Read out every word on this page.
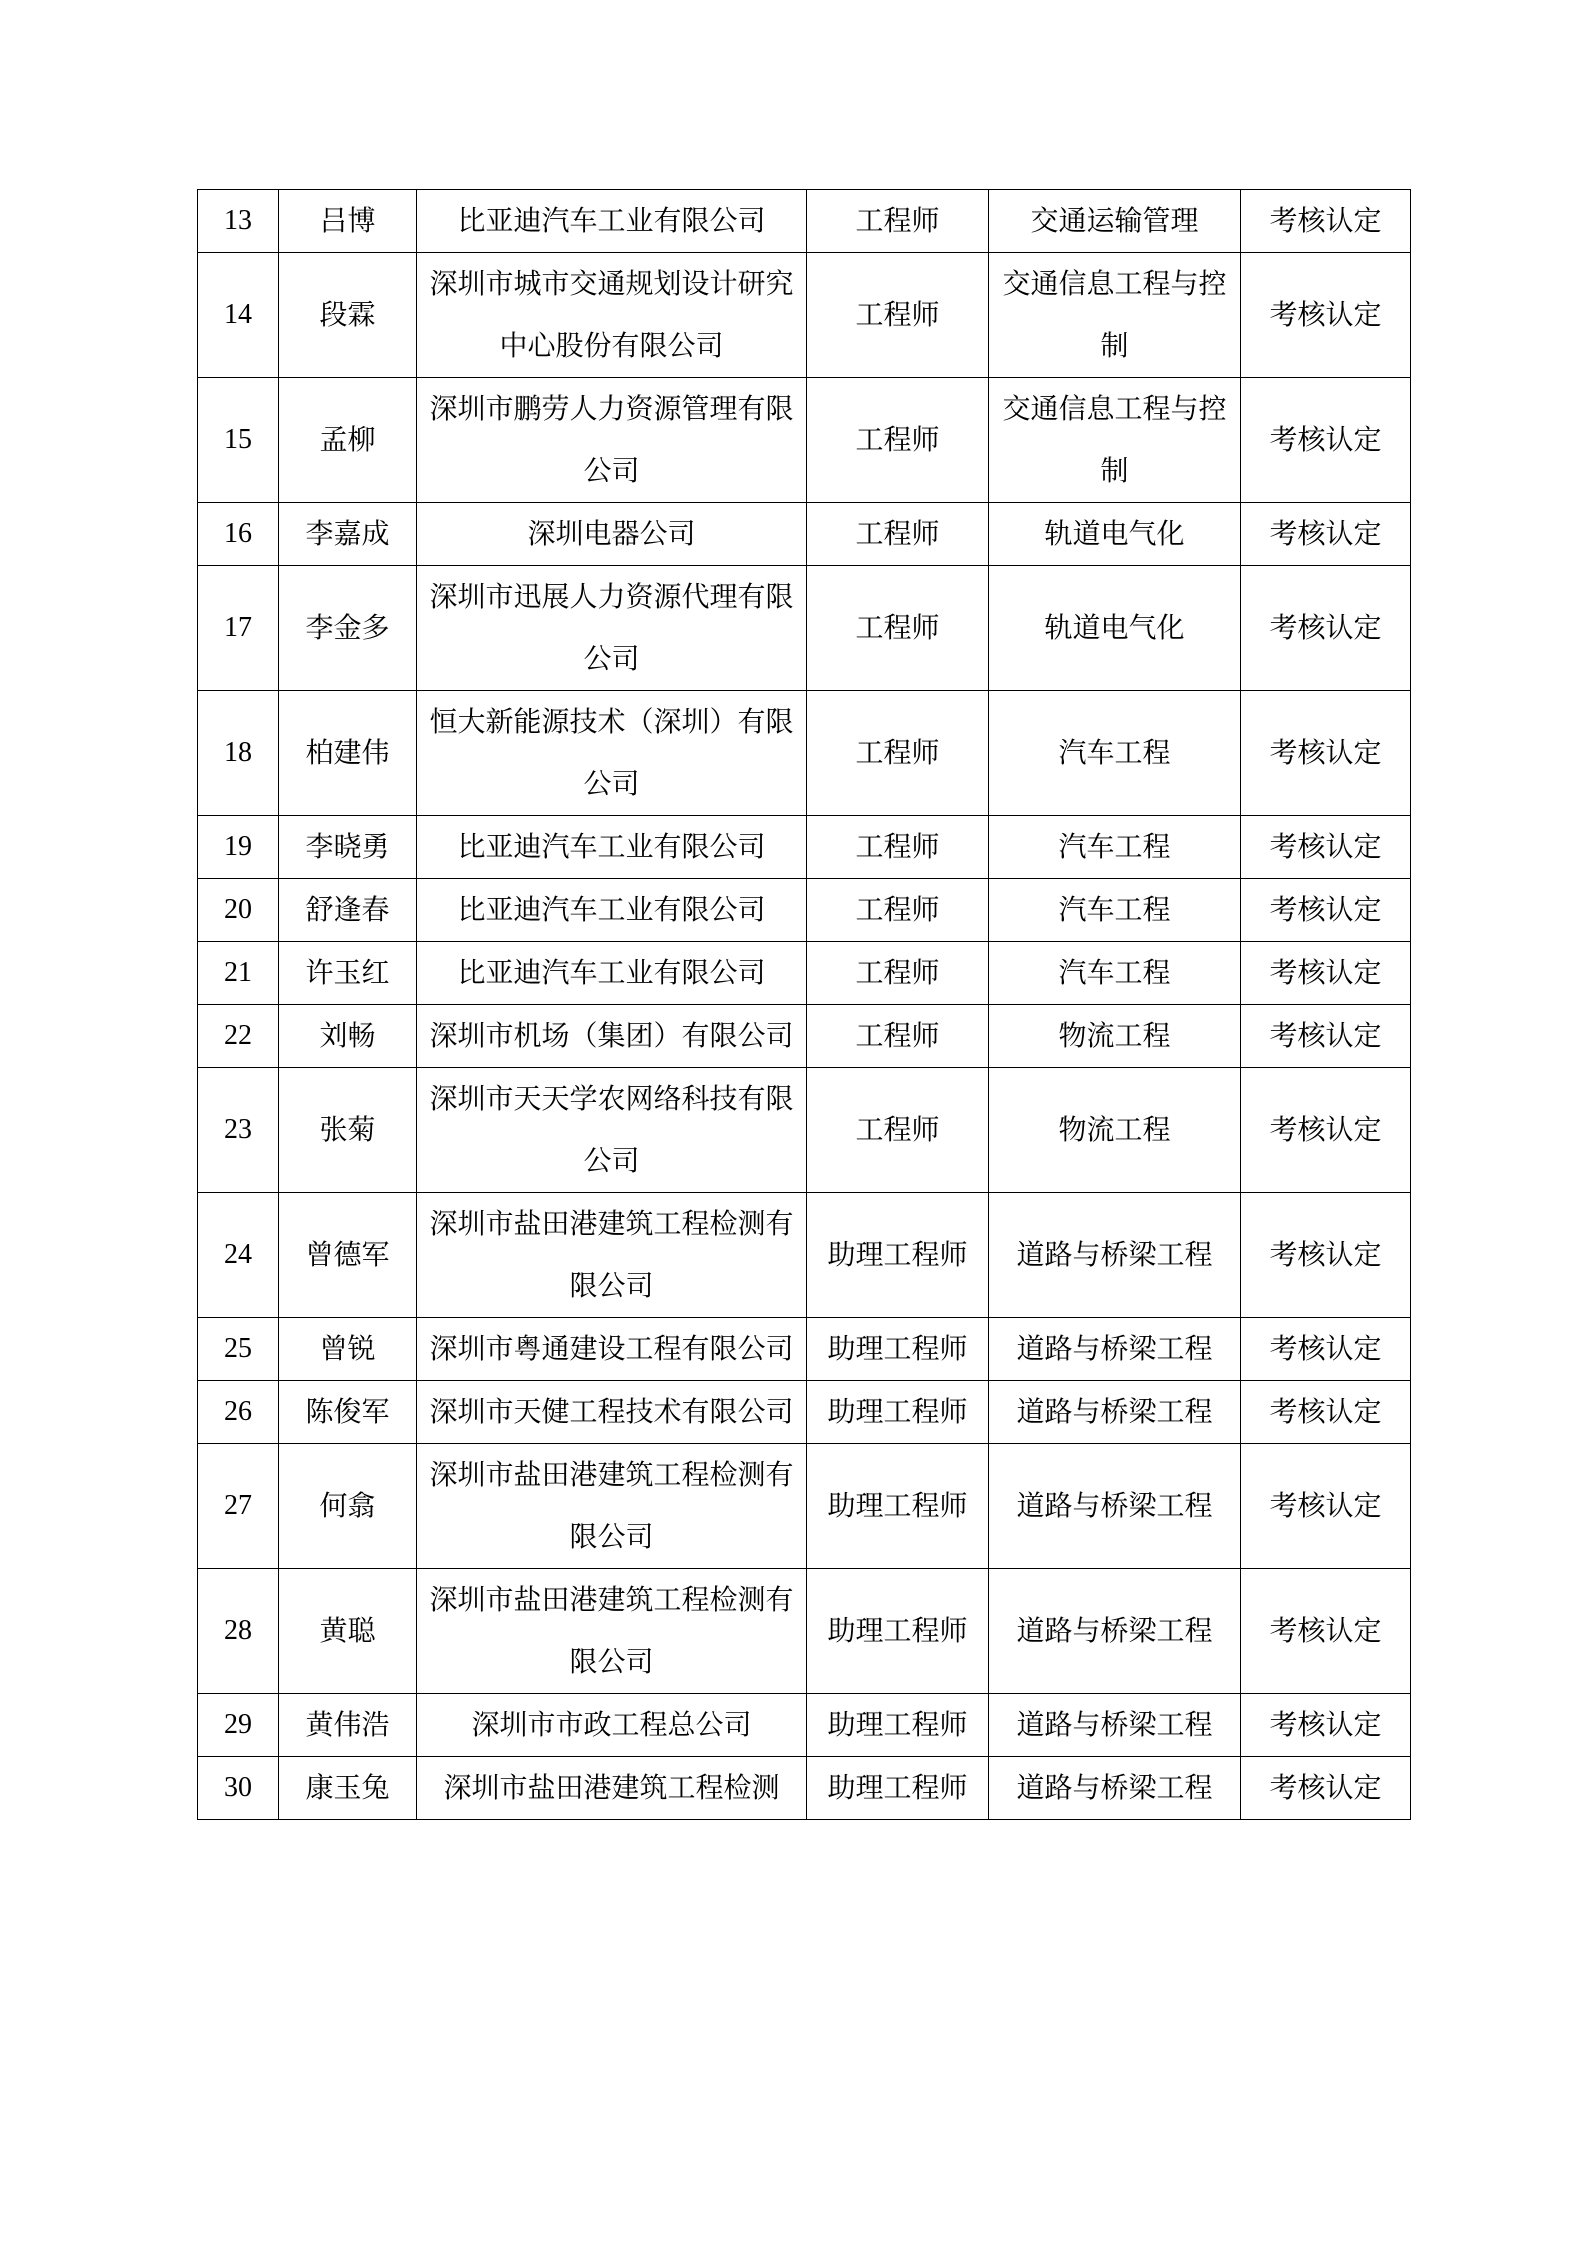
13	吕博	比亚迪汽车工业有限公司	工程师	交通运输管理	考核认定
14	段霖	深圳市城市交通规划设计研究中心股份有限公司	工程师	交通信息工程与控制	考核认定
15	孟柳	深圳市鹏劳人力资源管理有限公司	工程师	交通信息工程与控制	考核认定
16	李嘉成	深圳电器公司	工程师	轨道电气化	考核认定
17	李金多	深圳市迅展人力资源代理有限公司	工程师	轨道电气化	考核认定
18	柏建伟	恒大新能源技术（深圳）有限公司	工程师	汽车工程	考核认定
19	李晓勇	比亚迪汽车工业有限公司	工程师	汽车工程	考核认定
20	舒逢春	比亚迪汽车工业有限公司	工程师	汽车工程	考核认定
21	许玉红	比亚迪汽车工业有限公司	工程师	汽车工程	考核认定
22	刘畅	深圳市机场（集团）有限公司	工程师	物流工程	考核认定
23	张菊	深圳市天天学农网络科技有限公司	工程师	物流工程	考核认定
24	曾德军	深圳市盐田港建筑工程检测有限公司	助理工程师	道路与桥梁工程	考核认定
25	曾锐	深圳市粤通建设工程有限公司	助理工程师	道路与桥梁工程	考核认定
26	陈俊军	深圳市天健工程技术有限公司	助理工程师	道路与桥梁工程	考核认定
27	何翕	深圳市盐田港建筑工程检测有限公司	助理工程师	道路与桥梁工程	考核认定
28	黄聪	深圳市盐田港建筑工程检测有限公司	助理工程师	道路与桥梁工程	考核认定
29	黄伟浩	深圳市市政工程总公司	助理工程师	道路与桥梁工程	考核认定
30	康玉兔	深圳市盐田港建筑工程检测	助理工程师	道路与桥梁工程	考核认定
